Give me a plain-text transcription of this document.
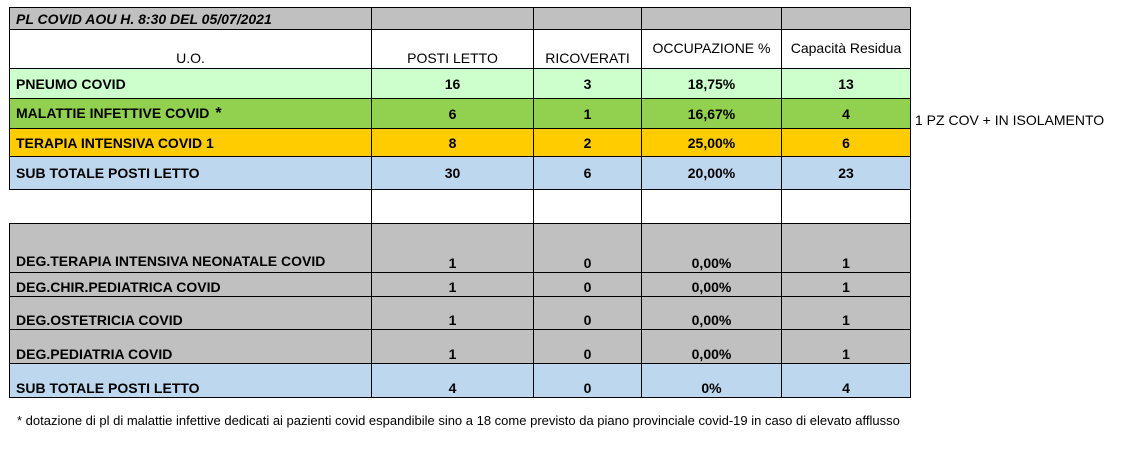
PL COVID AOU H. 8:30 DEL 05/07/2021				
U.O.	POSTI LETTO	RICOVERATI	OCCUPAZIONE %	Capacità Residua
PNEUMO COVID	16	3	18,75%	13
MALATTIE INFETTIVE COVID *	6	1	16,67%	4
TERAPIA INTENSIVA COVID 1	8	2	25,00%	6
SUB TOTALE POSTI LETTO	30	6	20,00%	23

DEG.TERAPIA INTENSIVA NEONATALE COVID	1	0	0,00%	1
DEG.CHIR.PEDIATRICA COVID	1	0	0,00%	1
DEG.OSTETRICIA COVID	1	0	0,00%	1
DEG.PEDIATRIA COVID	1	0	0,00%	1
SUB TOTALE POSTI LETTO	4	0	0%	4
1 PZ COV + IN ISOLAMENTO
* dotazione di pl di malattie infettive dedicati ai pazienti covid espandibile sino a 18 come previsto da piano provinciale covid-19 in caso di elevato afflusso
